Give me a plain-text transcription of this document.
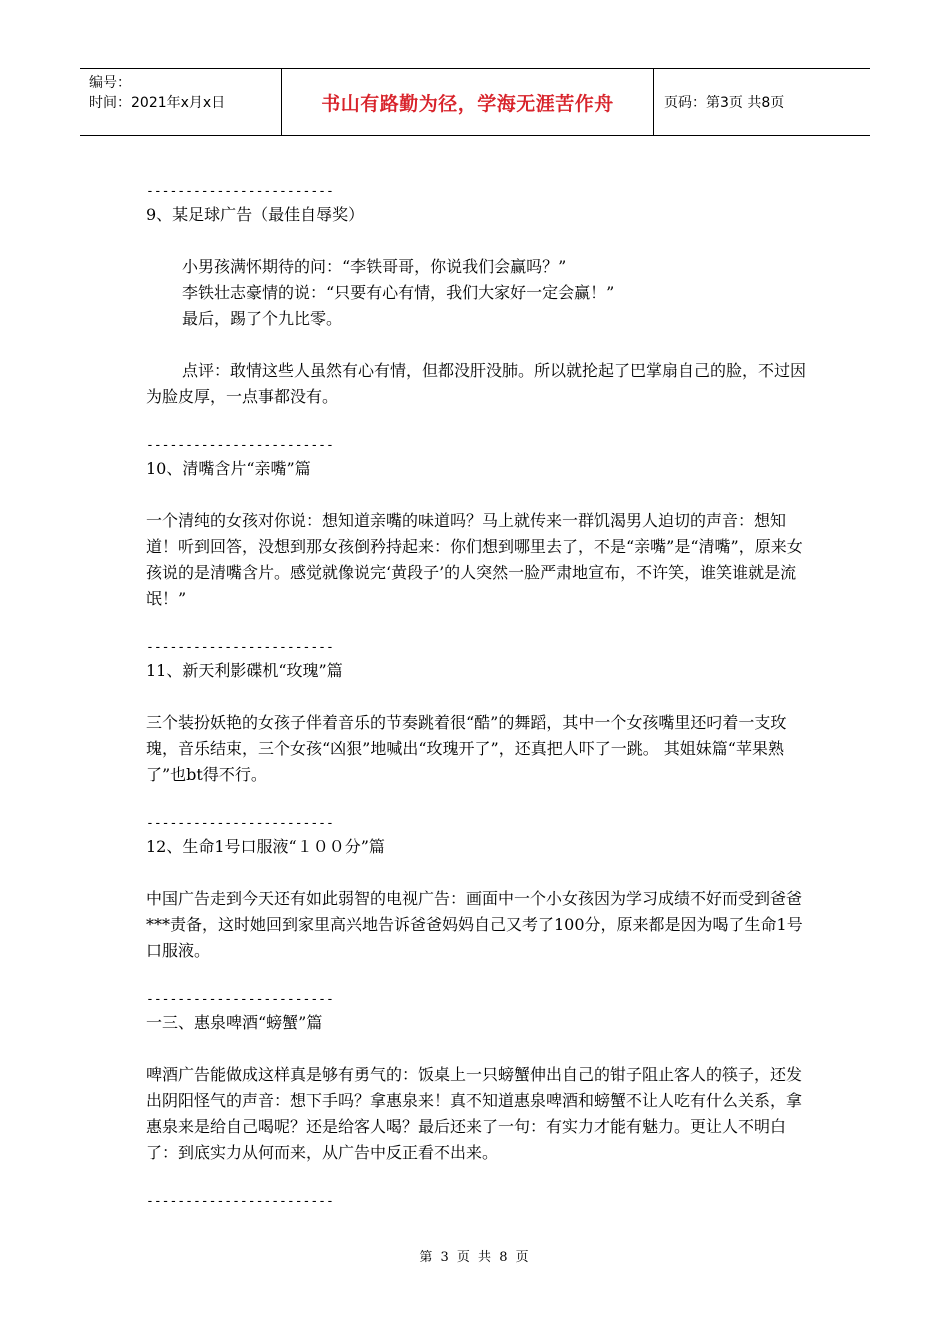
编号：
时间：2021年x月x日	书山有路勤为径，学海无涯苦作舟	页码：第3页 共8页

------------------------

9、某足球广告（最佳自辱奖）

小男孩满怀期待的问：“李铁哥哥，你说我们会赢吗？”

李铁壮志豪情的说：“只要有心有情，我们大家好一定会赢！”

最后，踢了个九比零。

点评：敢情这些人虽然有心有情，但都没肝没肺。所以就抡起了巴掌扇自己的脸，不过因为脸皮厚，一点事都没有。

------------------------

10、清嘴含片“亲嘴”篇

一个清纯的女孩对你说：想知道亲嘴的味道吗？马上就传来一群饥渴男人迫切的声音：想知道！听到回答，没想到那女孩倒矜持起来：你们想到哪里去了，不是“亲嘴”是“清嘴”，原来女孩说的是清嘴含片。感觉就像说完‘黄段子’的人突然一脸严肃地宣布，不许笑，谁笑谁就是流氓！”

------------------------

11、新天利影碟机“玫瑰”篇

三个装扮妖艳的女孩子伴着音乐的节奏跳着很“酷”的舞蹈，其中一个女孩嘴里还叼着一支玫瑰，音乐结束，三个女孩“凶狠”地喊出“玫瑰开了”，还真把人吓了一跳。 其姐妹篇“苹果熟了”也bt得不行。

------------------------

12、生命1号口服液“１００分”篇

中国广告走到今天还有如此弱智的电视广告：画面中一个小女孩因为学习成绩不好而受到爸爸***责备，这时她回到家里高兴地告诉爸爸妈妈自己又考了100分，原来都是因为喝了生命1号口服液。

------------------------

一三、惠泉啤酒“螃蟹”篇

啤酒广告能做成这样真是够有勇气的：饭桌上一只螃蟹伸出自己的钳子阻止客人的筷子，还发出阴阳怪气的声音：想下手吗？拿惠泉来！真不知道惠泉啤酒和螃蟹不让人吃有什么关系，拿惠泉来是给自己喝呢？还是给客人喝？最后还来了一句：有实力才能有魅力。更让人不明白了：到底实力从何而来，从广告中反正看不出来。

------------------------

第 3 页 共 8 页
